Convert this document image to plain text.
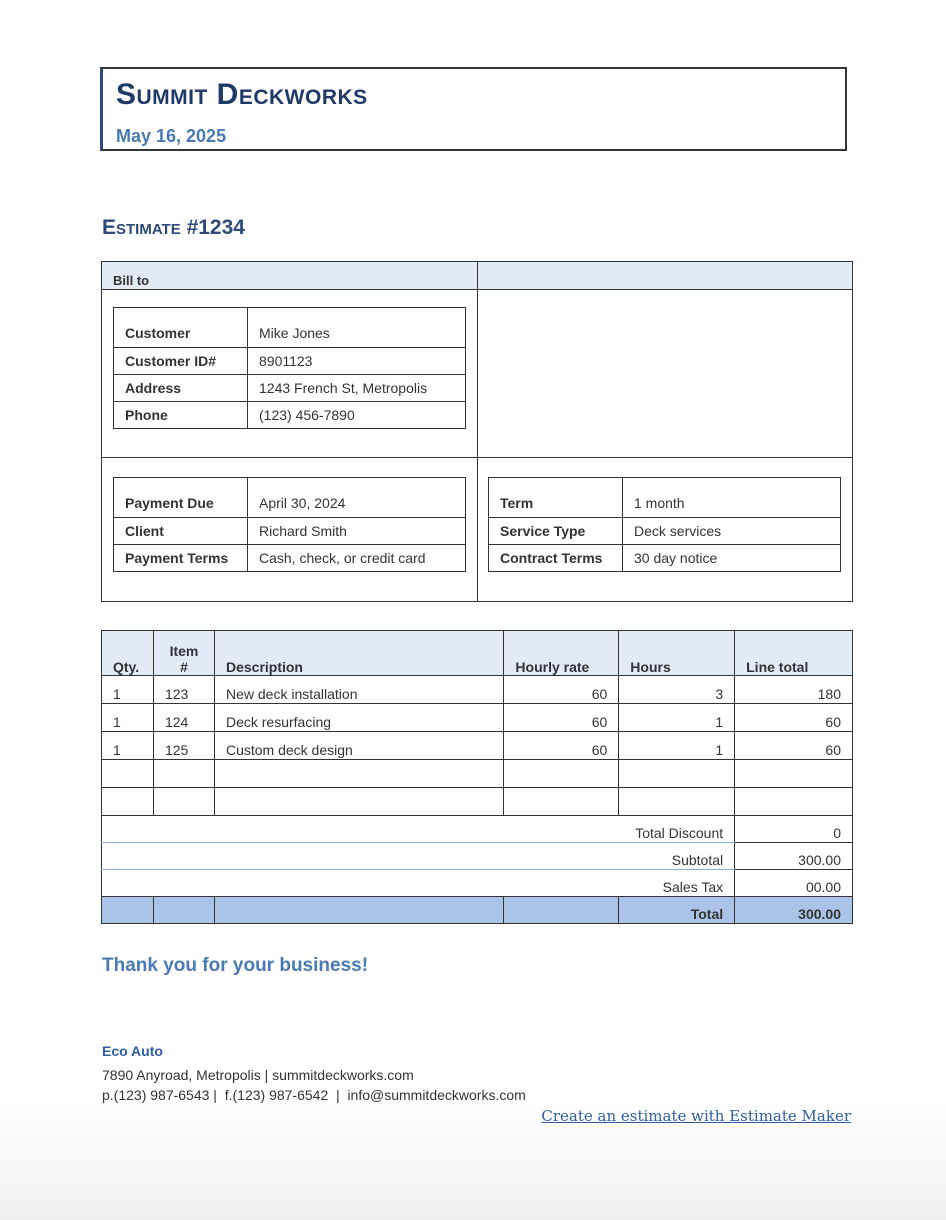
Summit Deckworks
May 16, 2025
Estimate #1234
Bill to
Customer	Mike Jones
Customer ID#	8901123
Address	1243 French St, Metropolis
Phone	(123) 456-7890
Payment Due	April 30, 2024
Client	Richard Smith
Payment Terms	Cash, check, or credit card
Term	1 month
Service Type	Deck services
Contract Terms	30 day notice
Qty.	Item #	Description	Hourly rate	Hours	Line total
1	123	New deck installation	60	3	180
1	124	Deck resurfacing	60	1	60
1	125	Custom deck design	60	1	60

Total Discount					0
Subtotal					300.00
Sales Tax					00.00
				Total	300.00
Thank you for your business!
Eco Auto
7890 Anyroad, Metropolis | summitdeckworks.com
p.(123) 987-6543 |  f.(123) 987-6542  |  info@summitdeckworks.com
Create an estimate with Estimate Maker
